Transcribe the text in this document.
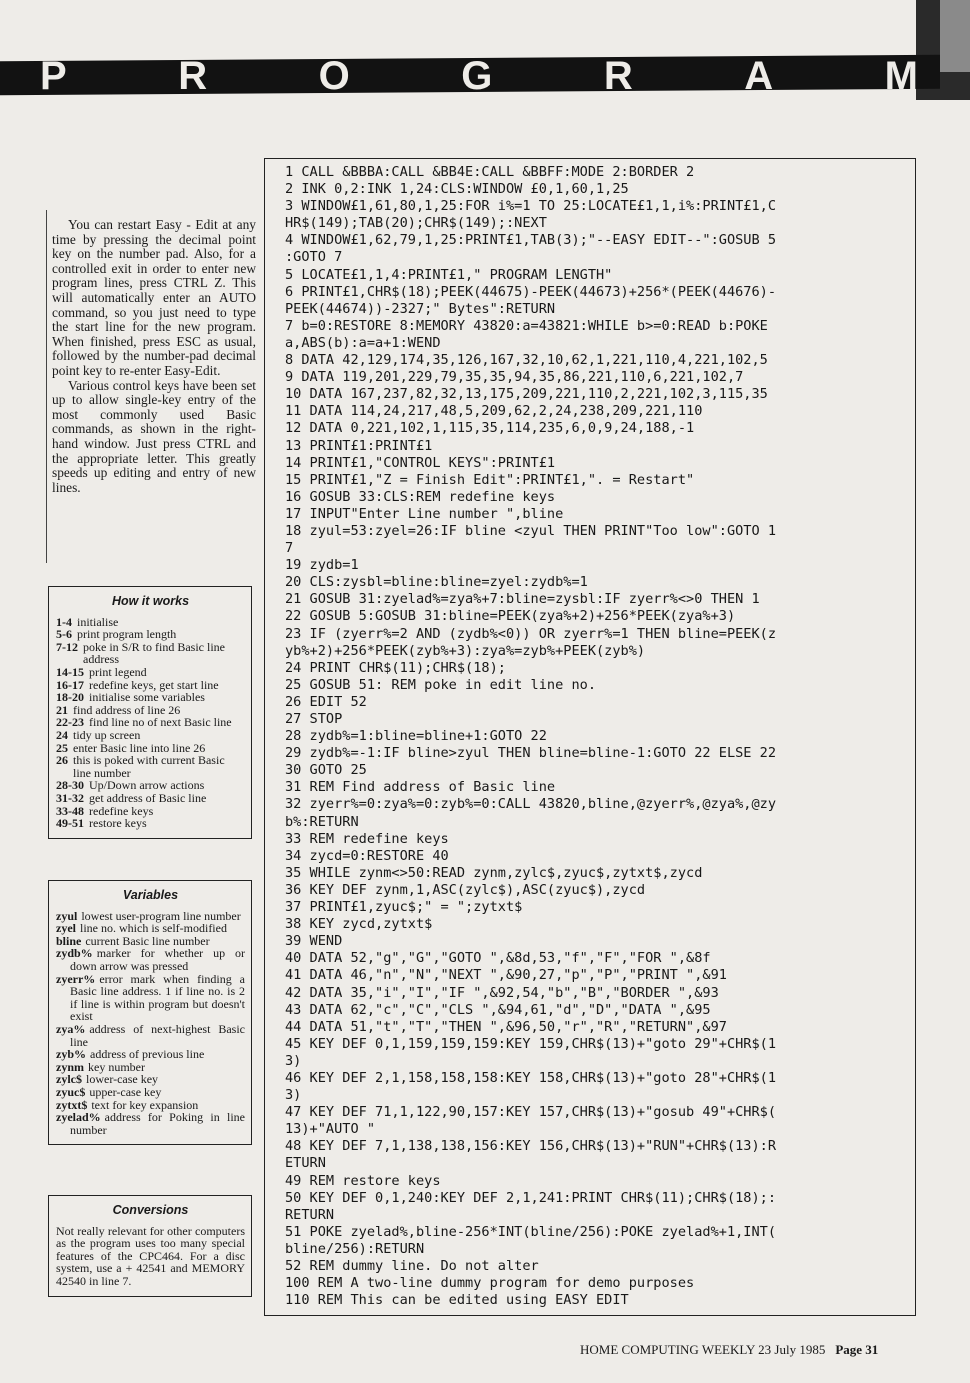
P	R	O	G	R	A	M

You can restart Easy - Edit at any time by pressing the decimal point key on the number pad. Also, for a controlled exit in order to enter new program lines, press CTRL Z. This will automatically enter an AUTO command, so you just need to type the start line for the new program. When finished, press ESC as usual, followed by the number-pad decimal point key to re-enter Easy-Edit.

Various control keys have been set up to allow single-key entry of the most commonly used Basic commands, as shown in the right-hand window. Just press CTRL and the appropriate letter. This greatly speeds up editing and entry of new lines.

How it works
1-4 initialise
5-6 print program length
7-12 poke in S/R to find Basic line address
14-15 print legend
16-17 redefine keys, get start line
18-20 initialise some variables
21 find address of line 26
22-23 find line no of next Basic line
24 tidy up screen
25 enter Basic line into line 26
26 this is poked with current Basic line number
28-30 Up/Down arrow actions
31-32 get address of Basic line
33-48 redefine keys
49-51 restore keys
Variables
zyul lowest user-program line number
zyel line no. which is self-modified
bline current Basic line number
zydb% marker for whether up or down arrow was pressed
zyerr% error mark when finding a Basic line address. 1 if line no. is 2 if line is within program but doesn't exist
zya% address of next-highest Basic line
zyb% address of previous line
zynm key number
zylc$ lower-case key
zyuc$ upper-case key
zytxt$ text for key expansion
zyelad% address for Poking in line number
Conversions

Not really relevant for other computers as the program uses too many special features of the CPC464. For a disc system, use a + 42541 and MEMORY 42540 in line 7.

1 CALL &BBBA:CALL &BB4E:CALL &BBFF:MODE 2:BORDER 2
2 INK 0,2:INK 1,24:CLS:WINDOW £0,1,60,1,25
3 WINDOW£1,61,80,1,25:FOR i%=1 TO 25:LOCATE£1,1,i%:PRINT£1,C
HR$(149);TAB(20);CHR$(149);:NEXT
4 WINDOW£1,62,79,1,25:PRINT£1,TAB(3);"--EASY EDIT--":GOSUB 5
:GOTO 7
5 LOCATE£1,1,4:PRINT£1," PROGRAM LENGTH"
6 PRINT£1,CHR$(18);PEEK(44675)-PEEK(44673)+256*(PEEK(44676)-
PEEK(44674))-2327;" Bytes":RETURN
7 b=0:RESTORE 8:MEMORY 43820:a=43821:WHILE b>=0:READ b:POKE
a,ABS(b):a=a+1:WEND
8 DATA 42,129,174,35,126,167,32,10,62,1,221,110,4,221,102,5
9 DATA 119,201,229,79,35,35,94,35,86,221,110,6,221,102,7
10 DATA 167,237,82,32,13,175,209,221,110,2,221,102,3,115,35
11 DATA 114,24,217,48,5,209,62,2,24,238,209,221,110
12 DATA 0,221,102,1,115,35,114,235,6,0,9,24,188,-1
13 PRINT£1:PRINT£1
14 PRINT£1,"CONTROL KEYS":PRINT£1
15 PRINT£1,"Z = Finish Edit":PRINT£1,". = Restart"
16 GOSUB 33:CLS:REM redefine keys
17 INPUT"Enter Line number ",bline
18 zyul=53:zyel=26:IF bline <zyul THEN PRINT"Too low":GOTO 1
7
19 zydb=1
20 CLS:zysbl=bline:bline=zyel:zydb%=1
21 GOSUB 31:zyelad%=zya%+7:bline=zysbl:IF zyerr%<>0 THEN 1
22 GOSUB 5:GOSUB 31:bline=PEEK(zya%+2)+256*PEEK(zya%+3)
23 IF (zyerr%=2 AND (zydb%<0)) OR zyerr%=1 THEN bline=PEEK(z
yb%+2)+256*PEEK(zyb%+3):zya%=zyb%+PEEK(zyb%)
24 PRINT CHR$(11);CHR$(18);
25 GOSUB 51: REM poke in edit line no.
26 EDIT 52
27 STOP
28 zydb%=1:bline=bline+1:GOTO 22
29 zydb%=-1:IF bline>zyul THEN bline=bline-1:GOTO 22 ELSE 22
30 GOTO 25
31 REM Find address of Basic line
32 zyerr%=0:zya%=0:zyb%=0:CALL 43820,bline,@zyerr%,@zya%,@zy
b%:RETURN
33 REM redefine keys
34 zycd=0:RESTORE 40
35 WHILE zynm<>50:READ zynm,zylc$,zyuc$,zytxt$,zycd
36 KEY DEF zynm,1,ASC(zylc$),ASC(zyuc$),zycd
37 PRINT£1,zyuc$;" = ";zytxt$
38 KEY zycd,zytxt$
39 WEND
40 DATA 52,"g","G","GOTO ",&8d,53,"f","F","FOR ",&8f
41 DATA 46,"n","N","NEXT ",&90,27,"p","P","PRINT ",&91
42 DATA 35,"i","I","IF ",&92,54,"b","B","BORDER ",&93
43 DATA 62,"c","C","CLS ",&94,61,"d","D","DATA ",&95
44 DATA 51,"t","T","THEN ",&96,50,"r","R","RETURN",&97
45 KEY DEF 0,1,159,159,159:KEY 159,CHR$(13)+"goto 29"+CHR$(1
3)
46 KEY DEF 2,1,158,158,158:KEY 158,CHR$(13)+"goto 28"+CHR$(1
3)
47 KEY DEF 71,1,122,90,157:KEY 157,CHR$(13)+"gosub 49"+CHR$(
13)+"AUTO "
48 KEY DEF 7,1,138,138,156:KEY 156,CHR$(13)+"RUN"+CHR$(13):R
ETURN
49 REM restore keys
50 KEY DEF 0,1,240:KEY DEF 2,1,241:PRINT CHR$(11);CHR$(18);:
RETURN
51 POKE zyelad%,bline-256*INT(bline/256):POKE zyelad%+1,INT(
bline/256):RETURN
52 REM dummy line. Do not alter
100 REM A two-line dummy program for demo purposes
110 REM This can be edited using EASY EDIT
HOME COMPUTING WEEKLY 23 July 1985 Page 31
